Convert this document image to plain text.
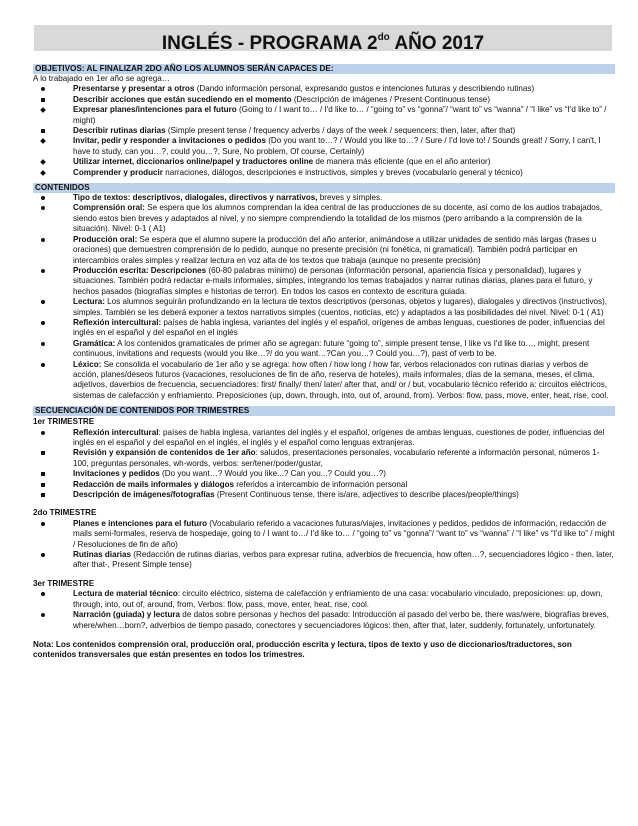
INGLÉS - PROGRAMA $2^{do}$ AÑO 2017
OBJETIVOS: AL FINALIZAR 2DO AÑO LOS ALUMNOS SERÁN CAPACES DE:
A lo trabajado en 1er año se agrega…
Presentarse y presentar a otros (Dando información personal, expresando gustos e intenciones futuras y describiendo rutinas)
Describir acciones que están sucediendo en el momento (Descripción de imágenes / Present Continuous tense)
Expresar planes/intenciones para el futuro (Going to / I want to… / I'd like to… / “going to” vs “gonna”/ “want to” vs “wanna” / “I like” vs “I'd like to” / might)
Describir rutinas diarias (Simple present tense / frequency adverbs / days of the week / sequencers: then, later, after that)
Invitar, pedir y responder a invitaciones o pedidos (Do you want to…? / Would you like to…? / Sure / I'd love to! / Sounds great! / Sorry, I can't, I have to study, can you…?, could you…?, Sure, No problem, Of course, Certainly)
Utilizar internet, diccionarios online/papel y traductores online de manera más eficiente (que en el año anterior)
Comprender y producir narraciones, diálogos, descripciones e instructivos, simples y breves (vocabulario general y técnico)
CONTENIDOS
Tipo de textos: descriptivos, dialogales, directivos y narrativos, breves y simples.
Comprensión oral: Se espera que los alumnos comprendan la idea central de las producciones de su docente, así como de los audios trabajados, siendo estos bien breves y adaptados al nivel, y no siempre comprendiendo la totalidad de los mismos (pero arribando a la comprensión de la situación). Nivel: 0-1 ( A1)
Producción oral: Se espera que el alumno supere la producción del año anterior, animándose a utilizar unidades de sentido más largas (frases u oraciones) que demuestren comprensión de lo pedido, aunque no presente precisión (ni fonética, ni gramatical). También podrá participar en intercambios orales simples y realizar lectura en voz alta de los textos que trabaja (aunque no presente precisión)
Producción escrita: Descripciones (60-80 palabras mínimo) de personas (información personal, apariencia física y personalidad), lugares y situaciones. También podrá redactar e-mails informales, simples, integrando los temas trabajados y narrar rutinas diarias, planes para el futuro, y hechos pasados (biografías simples e historias de terror). En todos los casos en contexto de escritura guiada.
Lectura: Los alumnos seguirán profundizando en la lectura de textos descriptivos (personas, objetos y lugares), dialogales y directivos (instructivos), simples. También se les deberá exponer a textos narrativos simples (cuentos, noticias, etc) y adaptados a las posibilidades del nivel. Nivel: 0-1 ( A1)
Reflexión intercultural: países de habla inglesa, variantes del inglés y el español, orígenes de ambas lenguas, cuestiones de poder, influencias del inglés en el español y del español en el inglés
Gramática: A los contenidos gramaticales de primer año se agregan: future “going to”, simple present tense, I like vs I'd like to…, might, present continuous, invitations and requests (would you like…?/ do you want…?Can you…? Could you…?), past of verb to be.
Léxico: Se consolida el vocabulario de 1er año y se agrega: how often / how long / how far, verbos relacionados con rutinas diarias y verbos de acción, planes/deseos futuros (vacaciones, resoluciones de fin de año, reserva de hoteles), mails informales, días de la semana, meses, el clima, adjetivos, daverbios de frecuencia, secuenciadores: first/ finally/ then/ later/ after that, and/ or / but, vocabulario técnico referido a: circuitos eléctricos, sistemas de calefacción y enfriamiento. Preposiciones (up, down, through, into, out of, around, from). Verbos: flow, pass, move, enter, heat, rise, cool.
SECUENCIACIÓN DE CONTENIDOS POR TRIMESTRES
1er TRIMESTRE
Reflexión intercultural: países de habla inglesa, variantes del inglés y el español, orígenes de ambas lenguas, cuestiones de poder, influencias del inglés en el español y del español en el inglés, el inglés y el español como lenguas extranjeras.
Revisión y expansión de contenidos de 1er año: saludos, presentaciones personales, vocabulario referente a información personal, números 1-100, preguntas personales, wh-words, verbos: ser/tener/poder/gustar,
Invitaciones y pedidos (Do you want…? Would you like...? Can you...? Could you…?)
Redacción de mails informales y diálogos referidos a intercambio de información personal
Descripción de imágenes/fotografías (Present Continuous tense, there is/are, adjectives to describe places/people/things)
2do TRIMESTRE
Planes e intenciones para el futuro (Vocabulario referido a vacaciones futuras/viajes, invitaciones y pedidos, pedidos de información, redacción de mails semi-formales, reserva de hospedaje, going to / I want to…/ I'd like to… / “going to” vs “gonna”/ “want to” vs “wanna” / “I like” vs “I'd like to” / might / Resoluciones de fin de año)
Rutinas diarias (Redacción de rutinas diarias, verbos para expresar rutina, adverbios de frecuencia, how often…?, secuenciadores lógico - then, later, after that-, Present Simple tense)
3er TRIMESTRE
Lectura de material técnico: circuito eléctrico, sistema de calefacción y enfriamiento de una casa: vocabulario vinculado, preposiciones: up, down, through, into, out of, around, from, Verbos: flow, pass, move, enter, heat, rise, cool.
Narración (guiada) y lectura de datos sobre personas y hechos del pasado: Introducción al pasado del verbo be, there was/were, biografías breves, where/when…born?, adverbios de tiempo pasado, conectores y secuenciadores lógicos: then, after that, later, suddenly, fortunately, unfortunately.
Nota: Los contenidos comprensión oral, producción oral, producción escrita y lectura, tipos de texto y uso de diccionarios/traductores, son contenidos transversales que están presentes en todos los trimestres.
